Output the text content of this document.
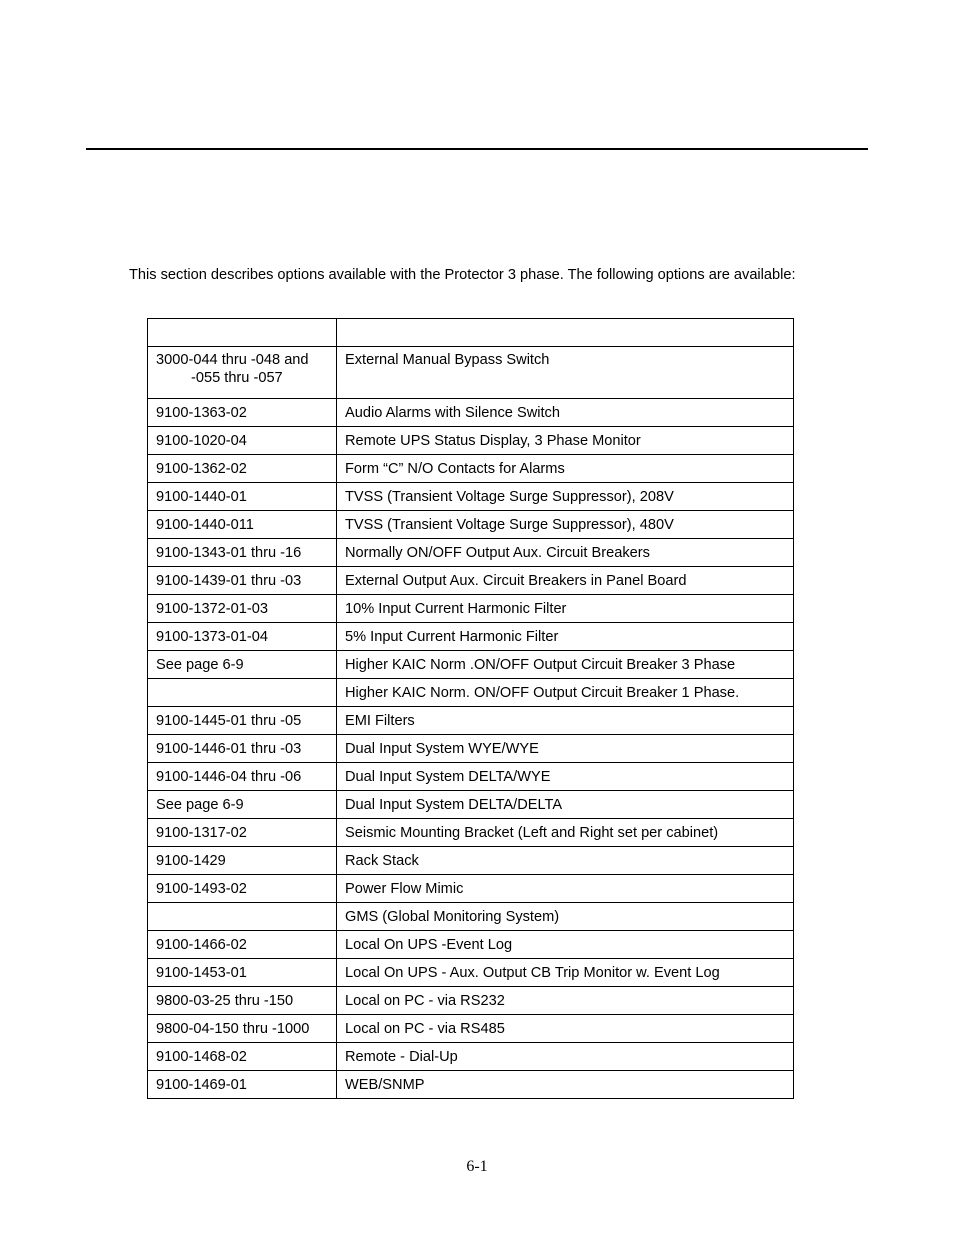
This section describes options available with the Protector 3 phase. The following options are available:

3000-044 thru -048 and
-055 thru -057	External Manual Bypass Switch
9100-1363-02	Audio Alarms with Silence Switch
9100-1020-04	Remote UPS Status Display, 3 Phase Monitor
9100-1362-02	Form “C” N/O Contacts for Alarms
9100-1440-01	TVSS (Transient Voltage Surge Suppressor), 208V
9100-1440-011	TVSS (Transient Voltage Surge Suppressor), 480V
9100-1343-01 thru -16	Normally ON/OFF Output Aux. Circuit Breakers
9100-1439-01 thru -03	External Output Aux. Circuit Breakers in Panel Board
9100-1372-01-03	10% Input Current Harmonic Filter
9100-1373-01-04	5% Input Current Harmonic Filter
See page 6-9	Higher KAIC Norm .ON/OFF Output Circuit Breaker 3 Phase
	Higher KAIC Norm. ON/OFF Output Circuit Breaker 1 Phase.
9100-1445-01 thru -05	EMI Filters
9100-1446-01 thru -03	Dual Input System WYE/WYE
9100-1446-04 thru -06	Dual Input System DELTA/WYE
See page 6-9	Dual Input System DELTA/DELTA
9100-1317-02	Seismic Mounting Bracket (Left and Right set per cabinet)
9100-1429	Rack Stack
9100-1493-02	Power Flow Mimic
	GMS (Global Monitoring System)
9100-1466-02	Local On UPS -Event Log
9100-1453-01	Local On UPS - Aux. Output CB Trip Monitor w. Event Log
9800-03-25 thru -150	Local on PC - via RS232
9800-04-150 thru -1000	Local on PC - via RS485
9100-1468-02	Remote - Dial-Up
9100-1469-01	WEB/SNMP
6-1
